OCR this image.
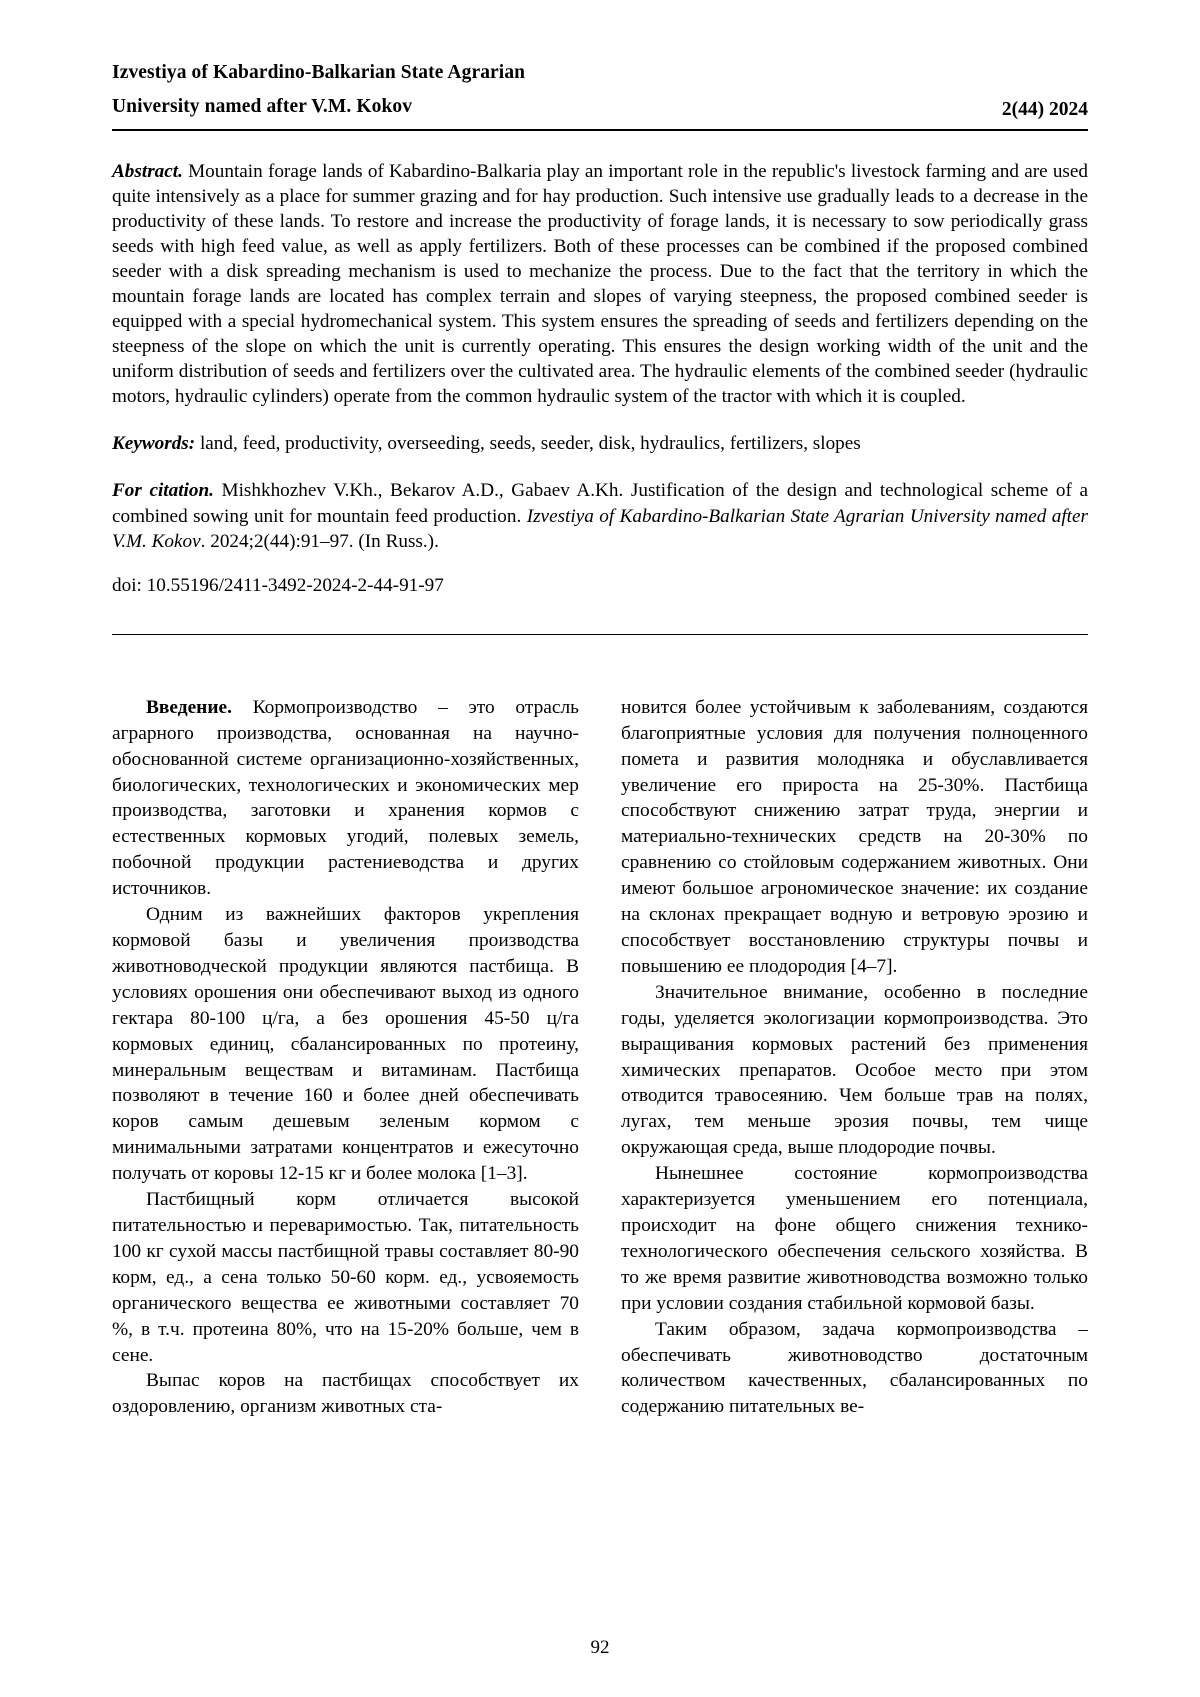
Izvestiya of Kabardino-Balkarian State Agrarian
University named after V.M. Kokov	2(44) 2024

Abstract. Mountain forage lands of Kabardino-Balkaria play an important role in the republic's livestock farming and are used quite intensively as a place for summer grazing and for hay production. Such intensive use gradually leads to a decrease in the productivity of these lands. To restore and increase the productivity of forage lands, it is necessary to sow periodically grass seeds with high feed value, as well as apply fertilizers. Both of these processes can be combined if the proposed combined seeder with a disk spreading mechanism is used to mechanize the process. Due to the fact that the territory in which the mountain forage lands are located has complex terrain and slopes of varying steepness, the proposed combined seeder is equipped with a special hydromechanical system. This system ensures the spreading of seeds and fertilizers depending on the steepness of the slope on which the unit is currently operating. This ensures the design working width of the unit and the uniform distribution of seeds and fertilizers over the cultivated area. The hydraulic elements of the combined seeder (hydraulic motors, hydraulic cylinders) operate from the common hydraulic system of the tractor with which it is coupled.

Keywords: land, feed, productivity, overseeding, seeds, seeder, disk, hydraulics, fertilizers, slopes

For citation. Mishkhozhev V.Kh., Bekarov A.D., Gabaev A.Kh. Justification of the design and technological scheme of a combined sowing unit for mountain feed production. Izvestiya of Kabardino-Balkarian State Agrarian University named after V.M. Kokov. 2024;2(44):91–97. (In Russ.).

doi: 10.55196/2411-3492-2024-2-44-91-97

Введение. Кормопроизводство – это отрасль аграрного производства, основанная на научно-обоснованной системе организационно-хозяйственных, биологических, технологических и экономических мер производства, заготовки и хранения кормов с естественных кормовых угодий, полевых земель, побочной продукции растениеводства и других источников.

Одним из важнейших факторов укрепления кормовой базы и увеличения производства животноводческой продукции являются пастбища. В условиях орошения они обеспечивают выход из одного гектара 80-100 ц/га, а без орошения 45-50 ц/га кормовых единиц, сбалансированных по протеину, минеральным веществам и витаминам. Пастбища позволяют в течение 160 и более дней обеспечивать коров самым дешевым зеленым кормом с минимальными затратами концентратов и ежесуточно получать от коровы 12-15 кг и более молока [1–3].

Пастбищный корм отличается высокой питательностью и переваримостью. Так, питательность 100 кг сухой массы пастбищной травы составляет 80-90 корм, ед., а сена только 50-60 корм. ед., усвояемость органического вещества ее животными составляет 70 %, в т.ч. протеина 80%, что на 15-20% больше, чем в сене.

Выпас коров на пастбищах способствует их оздоровлению, организм животных ста-

новится более устойчивым к заболеваниям, создаются благоприятные условия для получения полноценного помета и развития молодняка и обуславливается увеличение его прироста на 25-30%. Пастбища способствуют снижению затрат труда, энергии и материально-технических средств на 20-30% по сравнению со стойловым содержанием животных. Они имеют большое агрономическое значение: их создание на склонах прекращает водную и ветровую эрозию и способствует восстановлению структуры почвы и повышению ее плодородия [4–7].

Значительное внимание, особенно в последние годы, уделяется экологизации кормопроизводства. Это выращивания кормовых растений без применения химических препаратов. Особое место при этом отводится травосеянию. Чем больше трав на полях, лугах, тем меньше эрозия почвы, тем чище окружающая среда, выше плодородие почвы.

Нынешнее состояние кормопроизводства характеризуется уменьшением его потенциала, происходит на фоне общего снижения технико-технологического обеспечения сельского хозяйства. В то же время развитие животноводства возможно только при условии создания стабильной кормовой базы.

Таким образом, задача кормопроизводства – обеспечивать животноводство достаточным количеством качественных, сбалансированных по содержанию питательных ве-

92
